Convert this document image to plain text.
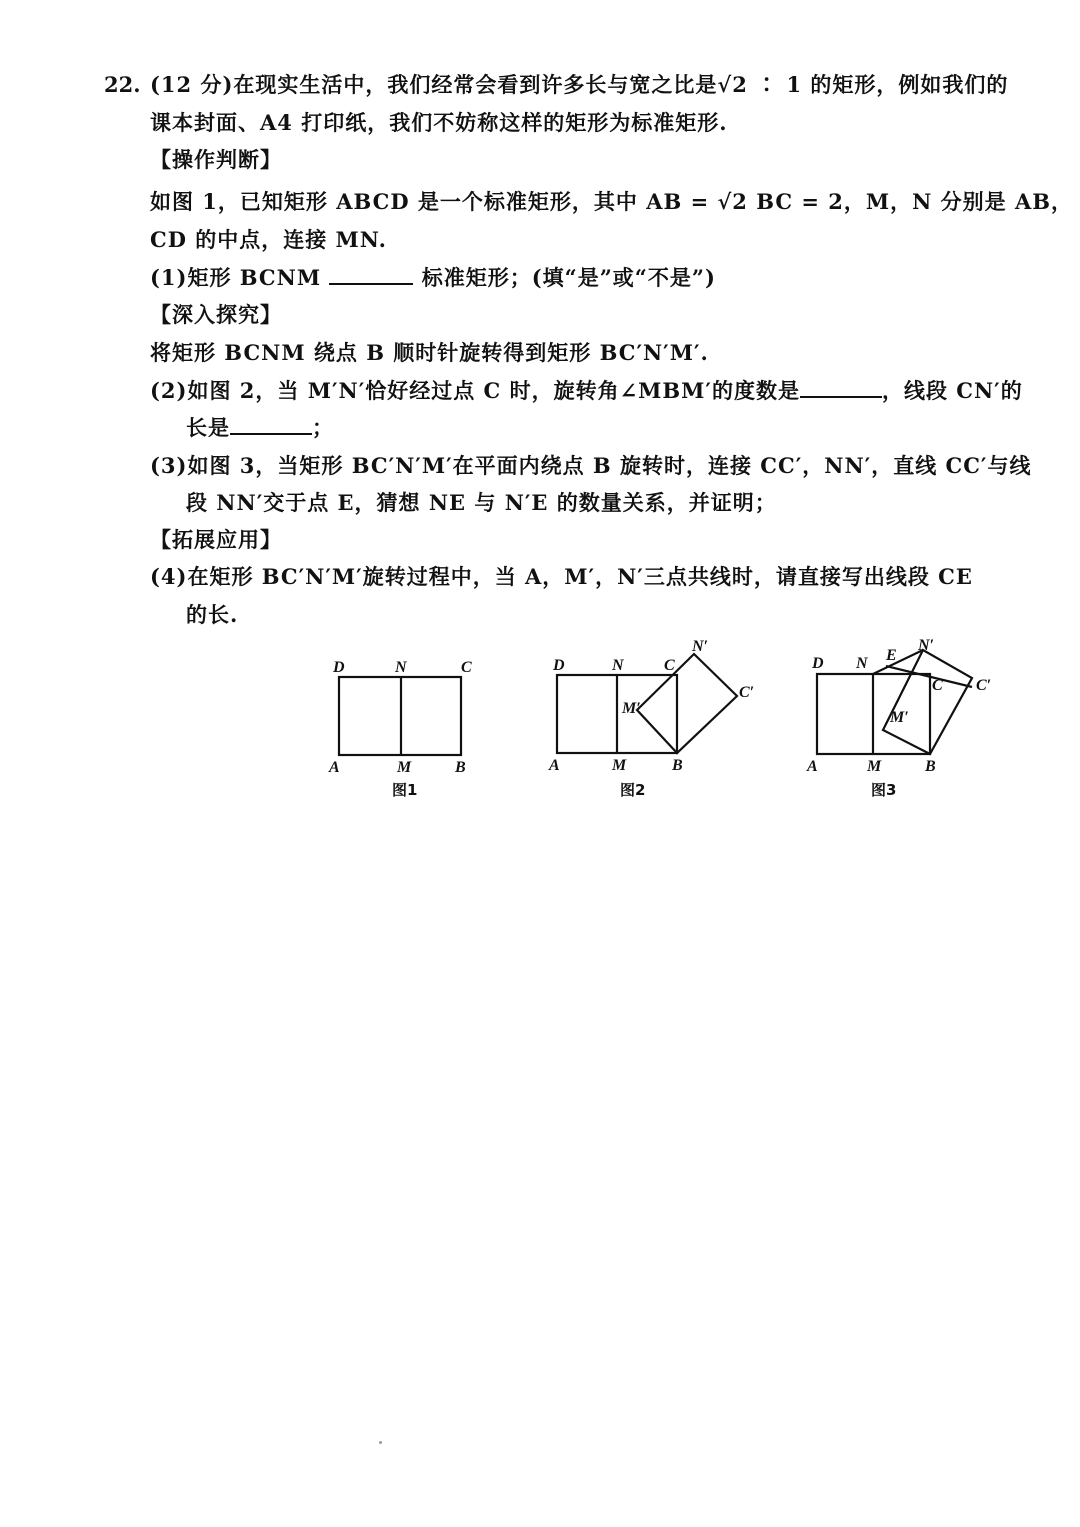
22. (12 分)在现实生活中，我们经常会看到许多长与宽之比是√2 ∶ 1 的矩形，例如我们的
课本封面、A4 打印纸，我们不妨称这样的矩形为标准矩形.
【操作判断】
如图 1，已知矩形 ABCD 是一个标准矩形，其中 AB = √2 BC = 2，M，N 分别是 AB，
CD 的中点，连接 MN.
(1)矩形 BCNM	标准矩形；(填“是”或“不是”)
【深入探究】
将矩形 BCNM 绕点 B 顺时针旋转得到矩形 BC′N′M′.
(2)如图 2，当 M′N′恰好经过点 C 时，旋转角∠MBM′的度数是	，线段 CN′的
长是	；
(3)如图 3，当矩形 BC′N′M′在平面内绕点 B 旋转时，连接 CC′，NN′，直线 CC′与线
段 NN′交于点 E，猜想 NE 与 N′E 的数量关系，并证明；
【拓展应用】
(4)在矩形 BC′N′M′旋转过程中，当 A，M′，N′三点共线时，请直接写出线段 CE
的长.
D	N	C
A	M	B
图1
D	N	C
N′
C′
M′
A	M	B
图2
D N E
N′
C C′
M′
A	M	B
图3
